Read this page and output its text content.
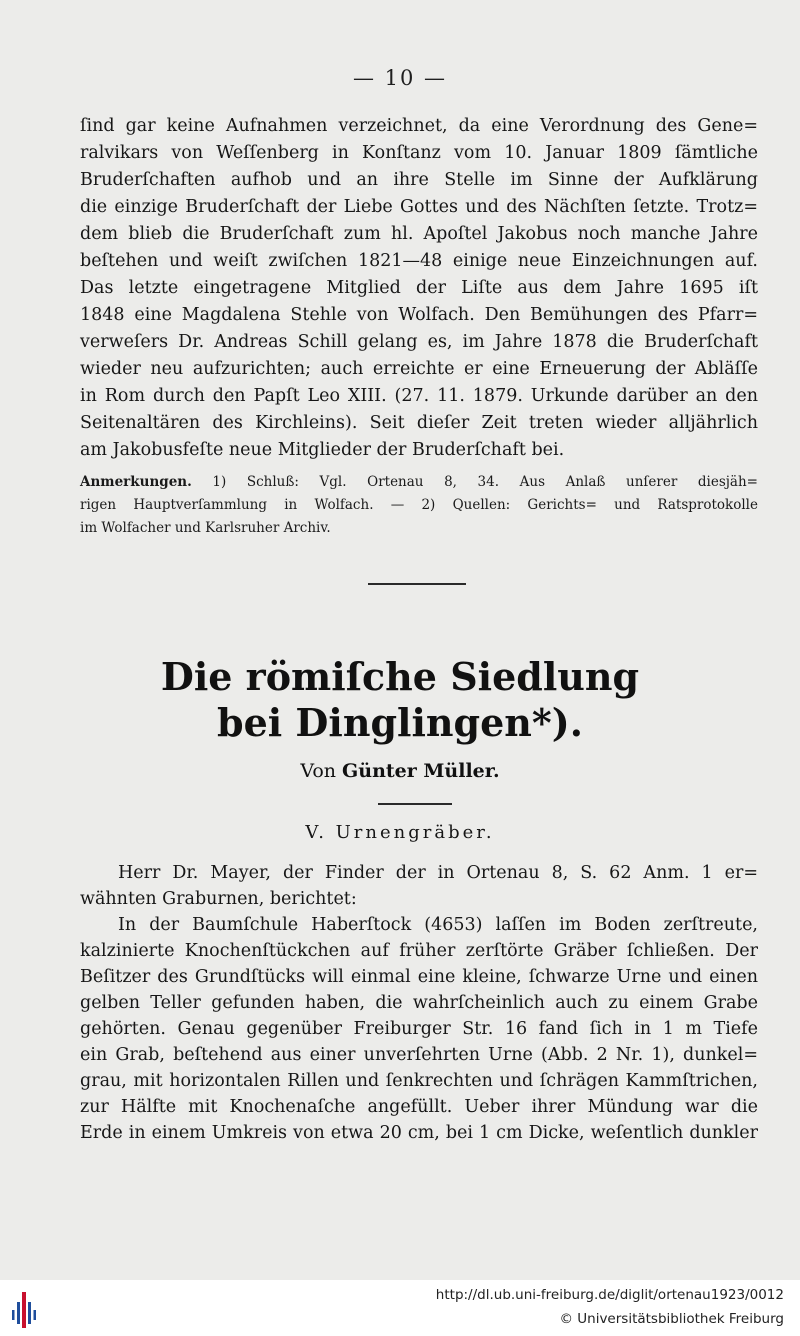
— 10 —
ſind gar keine Aufnahmen verzeichnet, da eine Verordnung des Gene=
ralvikars von Weſſenberg in Konſtanz vom 10. Januar 1809 ſämtliche
Bruderſchaften aufhob und an ihre Stelle im Sinne der Aufklärung
die einzige Bruderſchaft der Liebe Gottes und des Nächſten ſetzte. Trotz=
dem blieb die Bruderſchaft zum hl. Apoſtel Jakobus noch manche Jahre
beſtehen und weiſt zwiſchen 1821—48 einige neue Einzeichnungen auf.
Das letzte eingetragene Mitglied der Liſte aus dem Jahre 1695 iſt
1848 eine Magdalena Stehle von Wolfach. Den Bemühungen des Pfarr=
verweſers Dr. Andreas Schill gelang es, im Jahre 1878 die Bruderſchaft
wieder neu aufzurichten; auch erreichte er eine Erneuerung der Abläſſe
in Rom durch den Papſt Leo XIII. (27. 11. 1879. Urkunde darüber an den
Seitenaltären des Kirchleins). Seit dieſer Zeit treten wieder alljährlich
am Jakobusfeſte neue Mitglieder der Bruderſchaft bei.
Anmerkungen. 1) Schluß: Vgl. Ortenau 8, 34. Aus Anlaß unſerer diesjäh=
rigen Hauptverſammlung in Wolfach. — 2) Quellen: Gerichts= und Ratsprotokolle
im Wolfacher und Karlsruher Archiv.
Die römiſche Siedlung
bei Dinglingen*).
Von Günter Müller.
V. Urnengräber.
Herr Dr. Mayer, der Finder der in Ortenau 8, S. 62 Anm. 1 er=
wähnten Graburnen, berichtet:
In der Baumſchule Haberſtock (4653) laſſen im Boden zerſtreute,
kalzinierte Knochenſtückchen auf früher zerſtörte Gräber ſchließen. Der
Beſitzer des Grundſtücks will einmal eine kleine, ſchwarze Urne und einen
gelben Teller gefunden haben, die wahrſcheinlich auch zu einem Grabe
gehörten. Genau gegenüber Freiburger Str. 16 fand ſich in 1 m Tiefe
ein Grab, beſtehend aus einer unverſehrten Urne (Abb. 2 Nr. 1), dunkel=
grau, mit horizontalen Rillen und ſenkrechten und ſchrägen Kammſtrichen,
zur Hälfte mit Knochenaſche angefüllt. Ueber ihrer Mündung war die
Erde in einem Umkreis von etwa 20 cm, bei 1 cm Dicke, weſentlich dunkler
http://dl.ub.uni-freiburg.de/diglit/ortenau1923/0012
© Universitätsbibliothek Freiburg
